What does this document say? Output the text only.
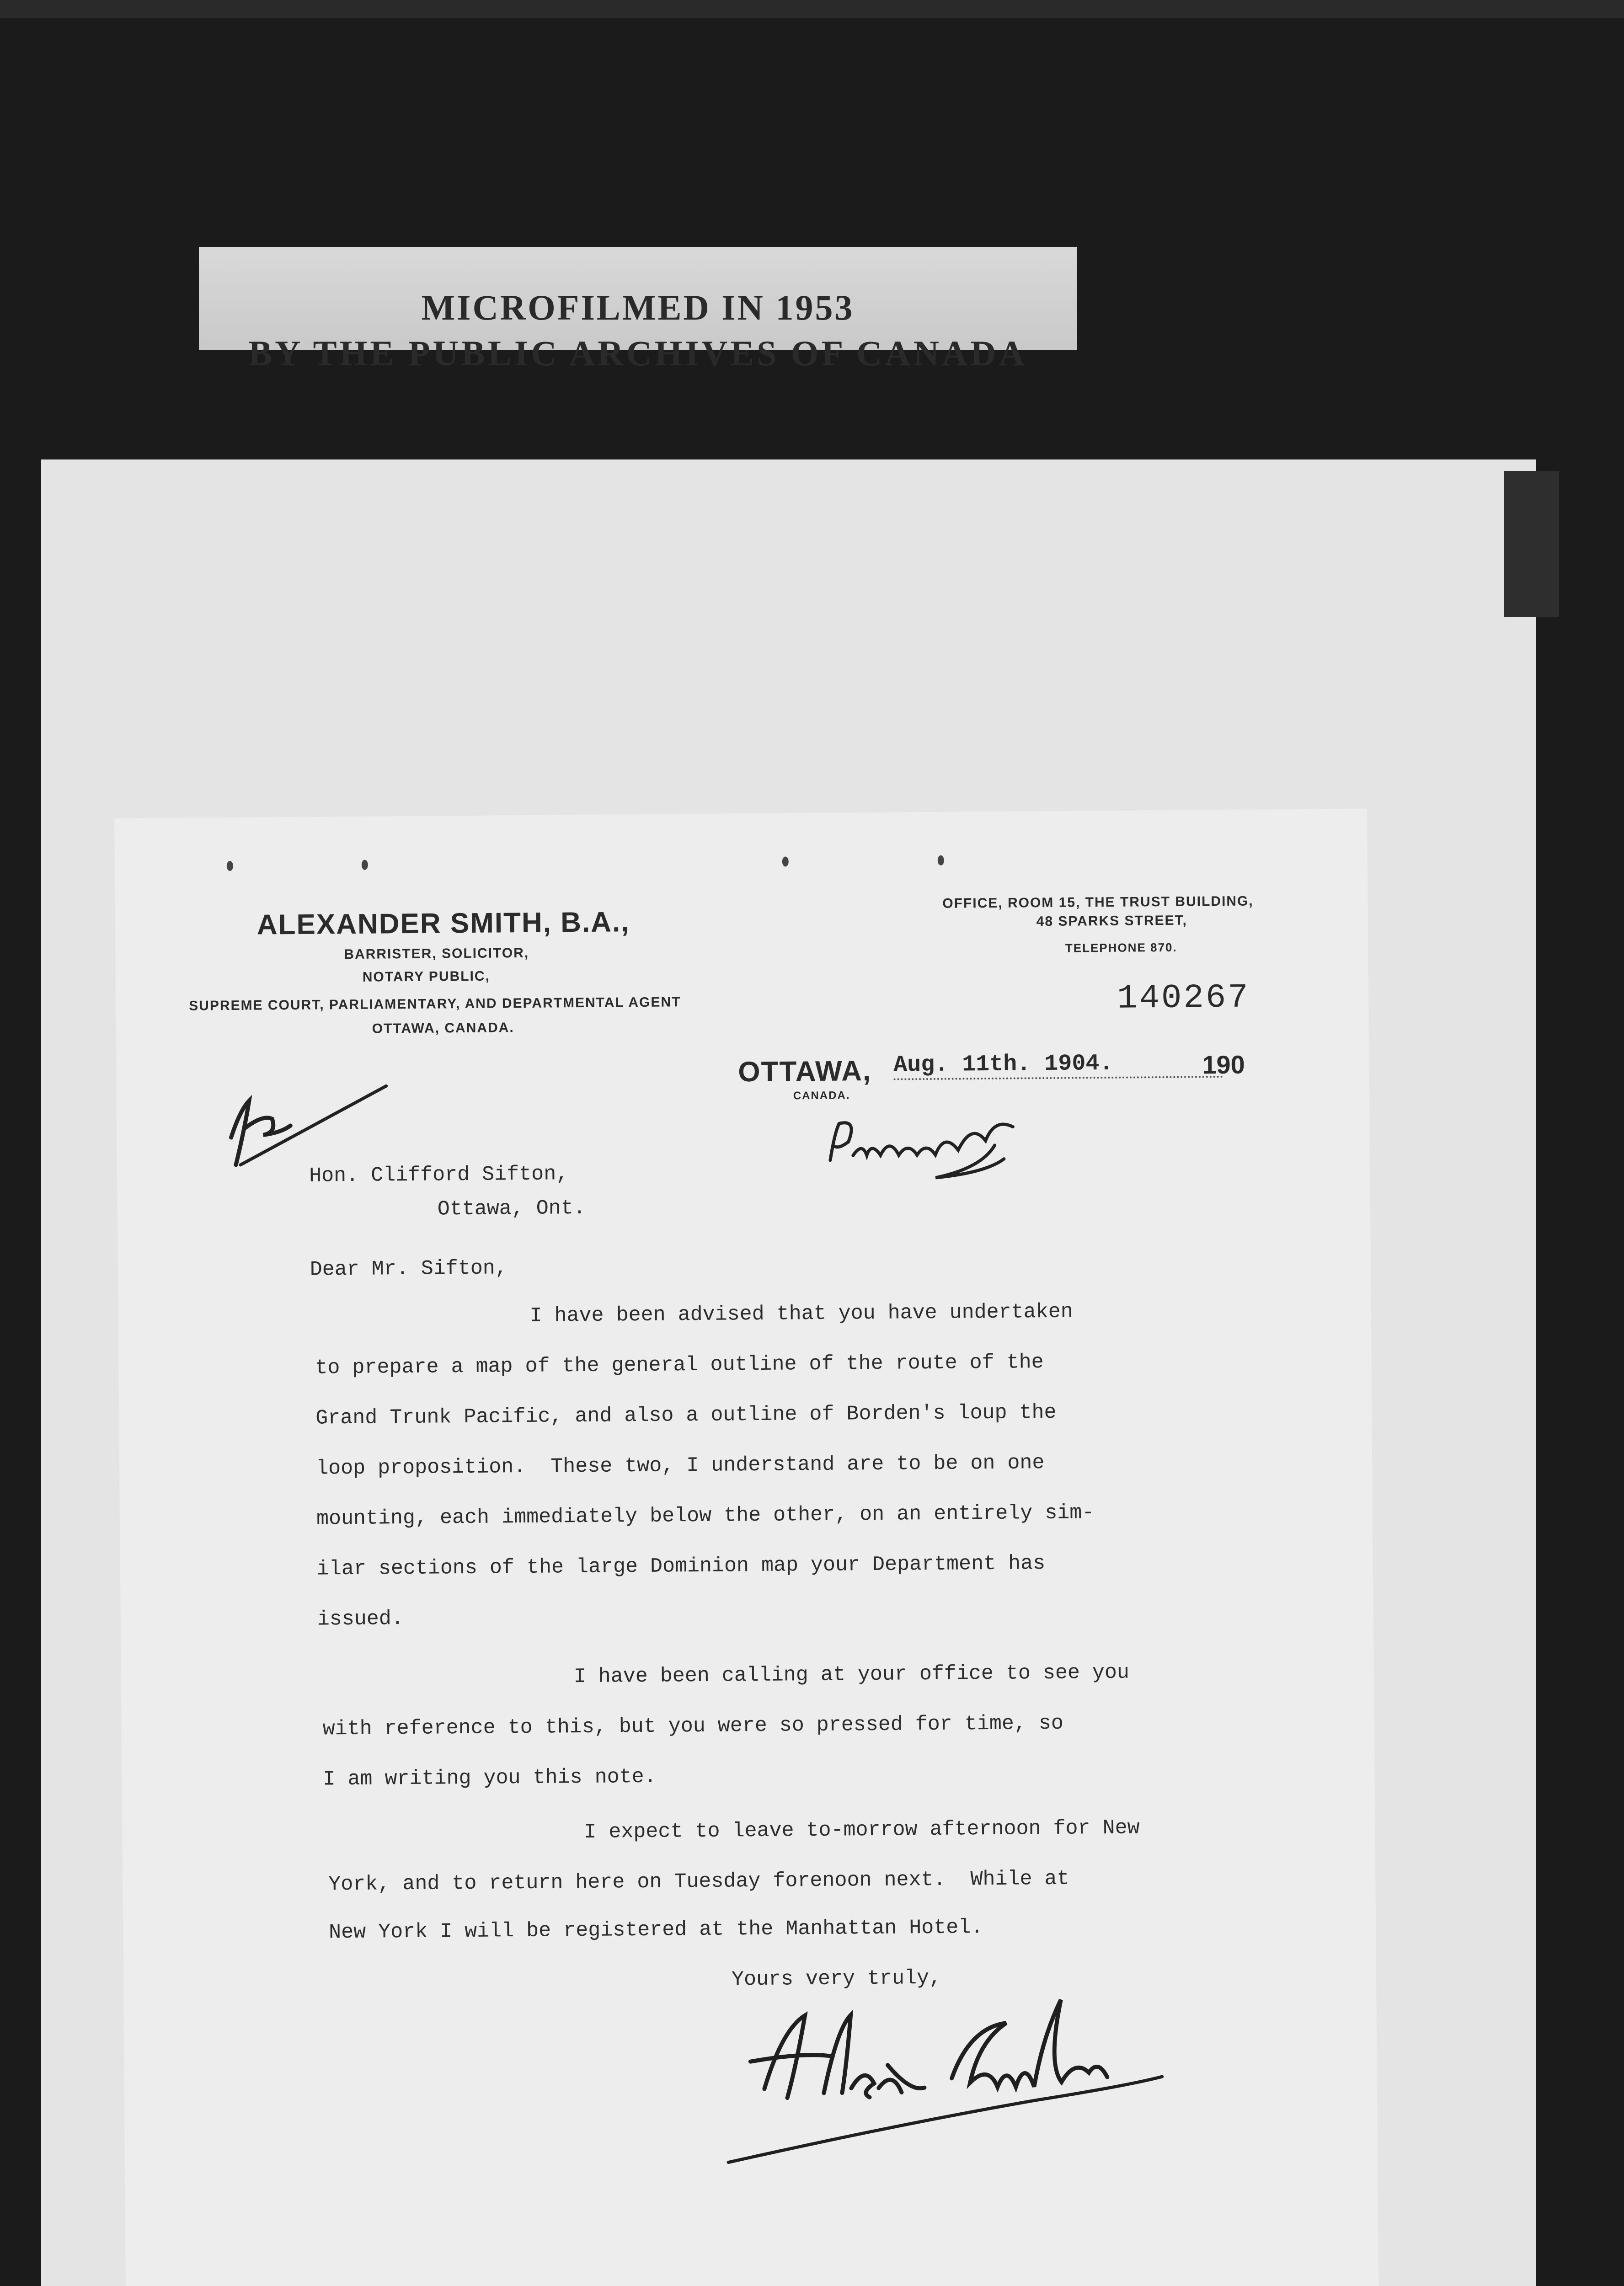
MICROFILMED IN 1953
BY THE PUBLIC ARCHIVES OF CANADA
ALEXANDER SMITH, B.A.,
BARRISTER, SOLICITOR,
NOTARY PUBLIC,
SUPREME COURT, PARLIAMENTARY, AND DEPARTMENTAL AGENT
OTTAWA, CANADA.
OFFICE, ROOM 15, THE TRUST BUILDING,
48 SPARKS STREET,
TELEPHONE 870.
140267
OTTAWA,
CANADA.
Aug. 11th. 1904.	190
Hon. Clifford Sifton,
Ottawa, Ont.
Dear Mr. Sifton,
I have been advised that you have undertaken
to prepare a map of the general outline of the route of the
Grand Trunk Pacific, and also a outline of Borden's loup the
loop proposition.  These two, I understand are to be on one
mounting, each immediately below the other, on an entirely sim-
ilar sections of the large Dominion map your Department has
issued.
I have been calling at your office to see you
with reference to this, but you were so pressed for time, so
I am writing you this note.
I expect to leave to-morrow afternoon for New
York, and to return here on Tuesday forenoon next.  While at
New York I will be registered at the Manhattan Hotel.
Yours very truly,
